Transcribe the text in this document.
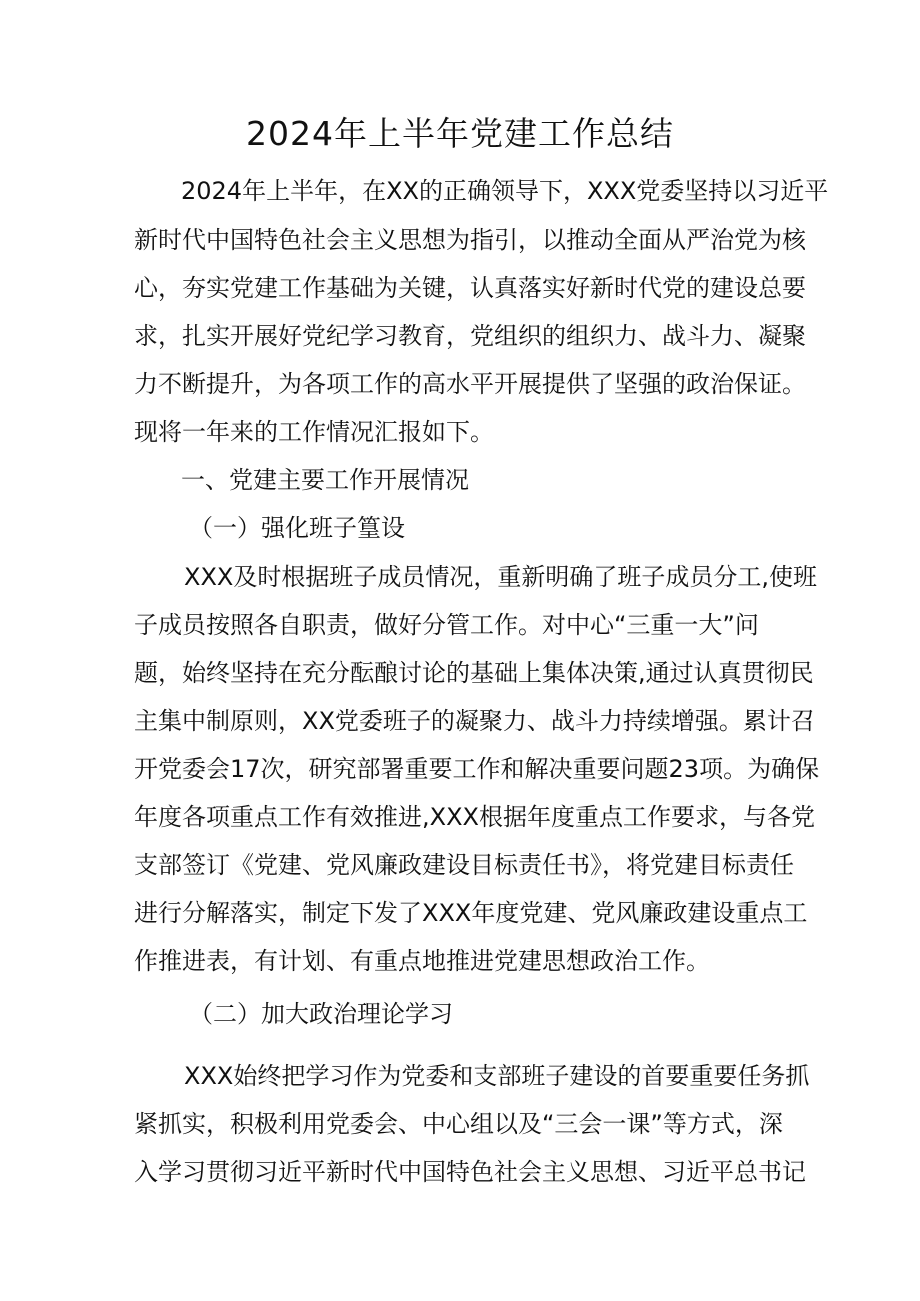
2024年上半年党建工作总结
2024年上半年，在XX的正确领导下，XXX党委坚持以习近平
新时代中国特色社会主义思想为指引，以推动全面从严治党为核
心，夯实党建工作基础为关键，认真落实好新时代党的建设总要
求，扎实开展好党纪学习教育，党组织的组织力、战斗力、凝聚
力不断提升，为各项工作的高水平开展提供了坚强的政治保证。
现将一年来的工作情况汇报如下。
一、党建主要工作开展情况
（一）强化班子篁设
XXX及时根据班子成员情况，重新明确了班子成员分工,使班
子成员按照各自职责，做好分管工作。对中心“三重一大”问
题，始终坚持在充分酝酿讨论的基础上集体决策,通过认真贯彻民
主集中制原则，XX党委班子的凝聚力、战斗力持续增强。累计召
开党委会17次，研究部署重要工作和解决重要问题23项。为确保
年度各项重点工作有效推进,XXX根据年度重点工作要求，与各党
支部签订《党建、党风廉政建设目标责任书》，将党建目标责任
进行分解落实，制定下发了XXX年度党建、党风廉政建设重点工
作推进表，有计划、有重点地推进党建思想政治工作。
（二）加大政治理论学习
XXX始终把学习作为党委和支部班子建设的首要重要任务抓
紧抓实，积极利用党委会、中心组以及“三会一课”等方式，深
入学习贯彻习近平新时代中国特色社会主义思想、习近平总书记
